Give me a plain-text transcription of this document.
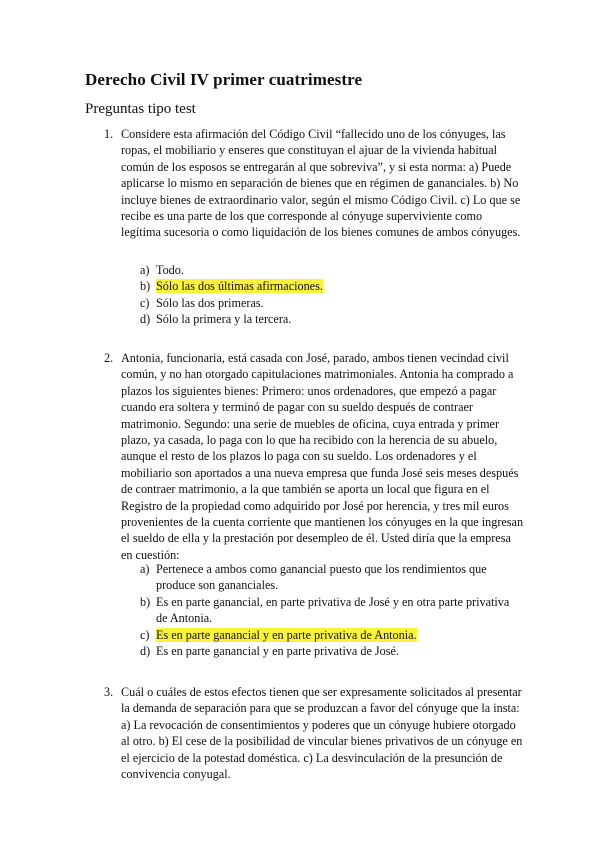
Derecho Civil IV primer cuatrimestre
Preguntas tipo test
1. Considere esta afirmación del Código Civil “fallecido uno de los cónyuges, las ropas, el mobiliario y enseres que constituyan el ajuar de la vivienda habitual común de los esposos se entregarán al que sobreviva”, y si esta norma: a) Puede aplicarse lo mismo en separación de bienes que en régimen de gananciales. b) No incluye bienes de extraordinario valor, según el mismo Código Civil. c) Lo que se recibe es una parte de los que corresponde al cónyuge superviviente como legítima sucesoria o como liquidación de los bienes comunes de ambos cónyuges.
a) Todo.
b) Sólo las dos últimas afirmaciones.
c) Sólo las dos primeras.
d) Sólo la primera y la tercera.
2. Antonia, funcionaria, está casada con José, parado, ambos tienen vecindad civil común, y no han otorgado capitulaciones matrimoniales. Antonia ha comprado a plazos los siguientes bienes: Primero: unos ordenadores, que empezó a pagar cuando era soltera y terminó de pagar con su sueldo después de contraer matrimonio. Segundo: una serie de muebles de oficina, cuya entrada y primer plazo, ya casada, lo paga con lo que ha recibido con la herencia de su abuelo, aunque el resto de los plazos lo paga con su sueldo. Los ordenadores y el mobiliario son aportados a una nueva empresa que funda José seis meses después de contraer matrimonio, a la que también se aporta un local que figura en el Registro de la propiedad como adquirido por José por herencia, y tres mil euros provenientes de la cuenta corriente que mantienen los cónyuges en la que ingresan el sueldo de ella y la prestación por desempleo de él. Usted diría que la empresa en cuestión:
a) Pertenece a ambos como ganancial puesto que los rendimientos que produce son gananciales.
b) Es en parte ganancial, en parte privativa de José y en otra parte privativa de Antonia.
c) Es en parte ganancial y en parte privativa de Antonia.
d) Es en parte ganancial y en parte privativa de José.
3. Cuál o cuáles de estos efectos tienen que ser expresamente solicitados al presentar la demanda de separación para que se produzcan a favor del cónyuge que la insta: a) La revocación de consentimientos y poderes que un cónyuge hubiere otorgado al otro. b) El cese de la posibilidad de vincular bienes privativos de un cónyuge en el ejercicio de la potestad doméstica. c) La desvinculación de la presunción de convivencia conyugal.
